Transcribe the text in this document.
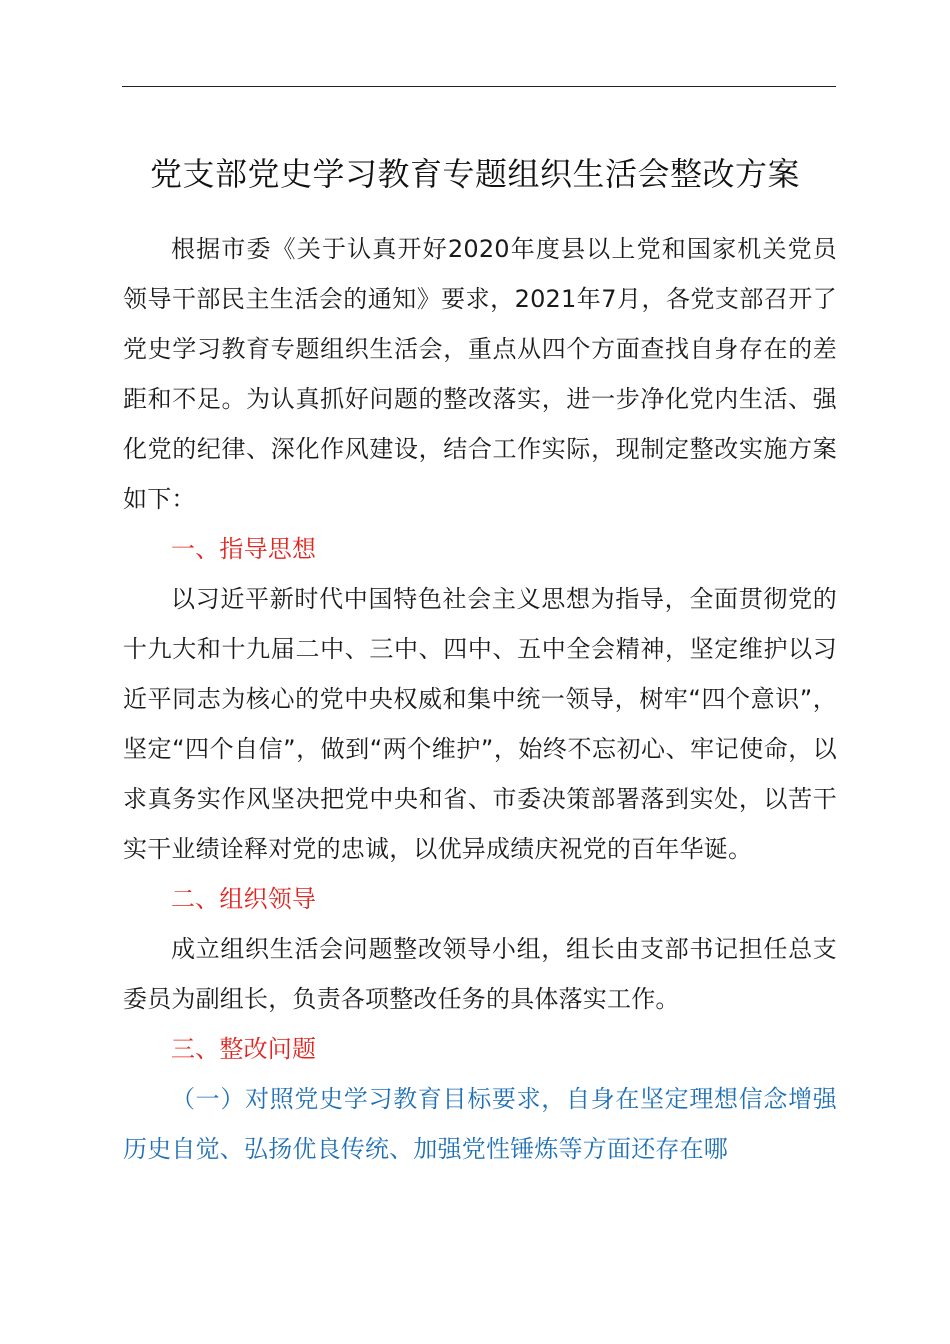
党支部党史学习教育专题组织生活会整改方案

根据市委《关于认真开好2020年度县以上党和国家机关党员领导干部民主生活会的通知》要求，2021年7月，各党支部召开了党史学习教育专题组织生活会，重点从四个方面查找自身存在的差距和不足。为认真抓好问题的整改落实，进一步净化党内生活、强化党的纪律、深化作风建设，结合工作实际，现制定整改实施方案如下：

一、指导思想

以习近平新时代中国特色社会主义思想为指导，全面贯彻党的十九大和十九届二中、三中、四中、五中全会精神，坚定维护以习近平同志为核心的党中央权威和集中统一领导，树牢“四个意识”，坚定“四个自信”，做到“两个维护”，始终不忘初心、牢记使命，以求真务实作风坚决把党中央和省、市委决策部署落到实处，以苦干实干业绩诠释对党的忠诚，以优异成绩庆祝党的百年华诞。

二、组织领导

成立组织生活会问题整改领导小组，组长由支部书记担任总支委员为副组长，负责各项整改任务的具体落实工作。

三、整改问题

（一）对照党史学习教育目标要求，自身在坚定理想信念增强历史自觉、弘扬优良传统、加强党性锤炼等方面还存在哪
